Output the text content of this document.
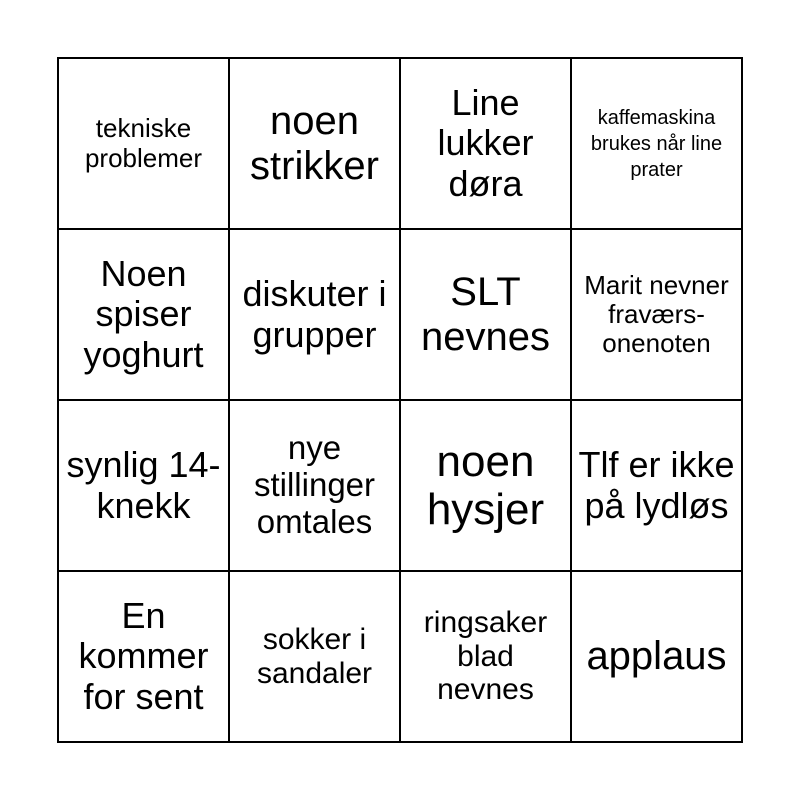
tekniske problemer
noen strikker
Line lukker døra
kaffemaskina brukes når line prater
Noen spiser yoghurt
diskuter i grupper
SLT nevnes
Marit nevner fraværs-onenoten
synlig 14-knekk
nye stillinger omtales
noen hysjer
Tlf er ikke på lydløs
En kommer for sent
sokker i sandaler
ringsaker blad nevnes
applaus
